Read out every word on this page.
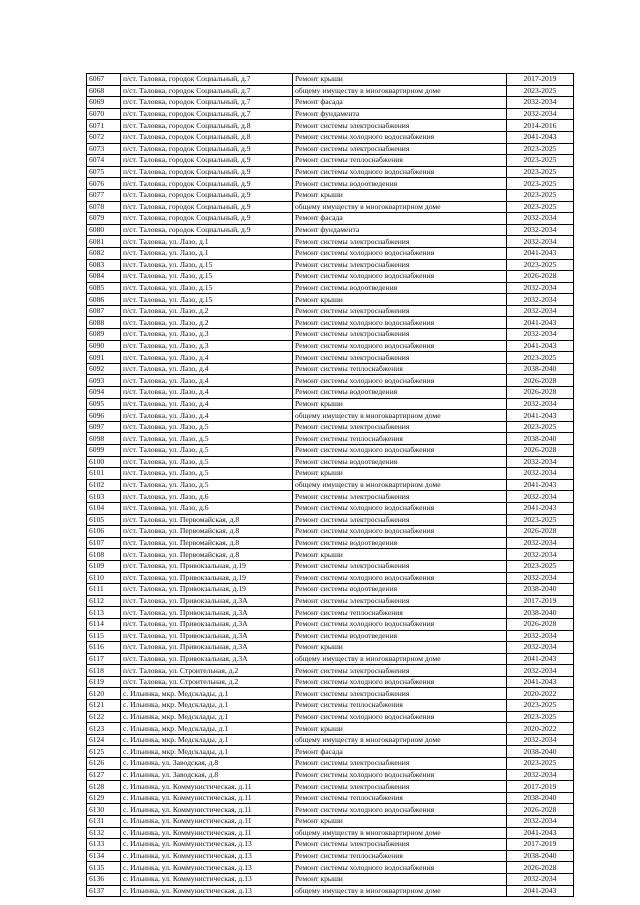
6067	п/ст. Таловка, городок Социальный, д.7	Ремонт крыши	2017-2019
6068	п/ст. Таловка, городок Социальный, д.7	общему имуществу в многоквартирном доме	2023-2025
6069	п/ст. Таловка, городок Социальный, д.7	Ремонт фасада	2032-2034
6070	п/ст. Таловка, городок Социальный, д.7	Ремонт фундамента	2032-2034
6071	п/ст. Таловка, городок Социальный, д.8	Ремонт системы электроснабжения	2014-2016
6072	п/ст. Таловка, городок Социальный, д.8	Ремонт системы холодного водоснабжения	2041-2043
6073	п/ст. Таловка, городок Социальный, д.9	Ремонт системы электроснабжения	2023-2025
6074	п/ст. Таловка, городок Социальный, д.9	Ремонт системы теплоснабжения	2023-2025
6075	п/ст. Таловка, городок Социальный, д.9	Ремонт системы холодного водоснабжения	2023-2025
6076	п/ст. Таловка, городок Социальный, д.9	Ремонт системы водоотведения	2023-2025
6077	п/ст. Таловка, городок Социальный, д.9	Ремонт крыши	2023-2025
6078	п/ст. Таловка, городок Социальный, д.9	общему имуществу в многоквартирном доме	2023-2025
6079	п/ст. Таловка, городок Социальный, д.9	Ремонт фасада	2032-2034
6080	п/ст. Таловка, городок Социальный, д.9	Ремонт фундамента	2032-2034
6081	п/ст. Таловка, ул. Лазо, д.1	Ремонт системы электроснабжения	2032-2034
6082	п/ст. Таловка, ул. Лазо, д.1	Ремонт системы холодного водоснабжения	2041-2043
6083	п/ст. Таловка, ул. Лазо, д.15	Ремонт системы электроснабжения	2023-2025
6084	п/ст. Таловка, ул. Лазо, д.15	Ремонт системы холодного водоснабжения	2026-2028
6085	п/ст. Таловка, ул. Лазо, д.15	Ремонт системы водоотведения	2032-2034
6086	п/ст. Таловка, ул. Лазо, д.15	Ремонт крыши	2032-2034
6087	п/ст. Таловка, ул. Лазо, д.2	Ремонт системы электроснабжения	2032-2034
6088	п/ст. Таловка, ул. Лазо, д.2	Ремонт системы холодного водоснабжения	2041-2043
6089	п/ст. Таловка, ул. Лазо, д.3	Ремонт системы электроснабжения	2032-2034
6090	п/ст. Таловка, ул. Лазо, д.3	Ремонт системы холодного водоснабжения	2041-2043
6091	п/ст. Таловка, ул. Лазо, д.4	Ремонт системы электроснабжения	2023-2025
6092	п/ст. Таловка, ул. Лазо, д.4	Ремонт системы теплоснабжения	2038-2040
6093	п/ст. Таловка, ул. Лазо, д.4	Ремонт системы холодного водоснабжения	2026-2028
6094	п/ст. Таловка, ул. Лазо, д.4	Ремонт системы водоотведения	2026-2028
6095	п/ст. Таловка, ул. Лазо, д.4	Ремонт крыши	2032-2034
6096	п/ст. Таловка, ул. Лазо, д.4	общему имуществу в многоквартирном доме	2041-2043
6097	п/ст. Таловка, ул. Лазо, д.5	Ремонт системы электроснабжения	2023-2025
6098	п/ст. Таловка, ул. Лазо, д.5	Ремонт системы теплоснабжения	2038-2040
6099	п/ст. Таловка, ул. Лазо, д.5	Ремонт системы холодного водоснабжения	2026-2028
6100	п/ст. Таловка, ул. Лазо, д.5	Ремонт системы водоотведения	2032-2034
6101	п/ст. Таловка, ул. Лазо, д.5	Ремонт крыши	2032-2034
6102	п/ст. Таловка, ул. Лазо, д.5	общему имуществу в многоквартирном доме	2041-2043
6103	п/ст. Таловка, ул. Лазо, д.6	Ремонт системы электроснабжения	2032-2034
6104	п/ст. Таловка, ул. Лазо, д.6	Ремонт системы холодного водоснабжения	2041-2043
6105	п/ст. Таловка, ул. Первомайская, д.8	Ремонт системы электроснабжения	2023-2025
6106	п/ст. Таловка, ул. Первомайская, д.8	Ремонт системы холодного водоснабжения	2026-2028
6107	п/ст. Таловка, ул. Первомайская, д.8	Ремонт системы водоотведения	2032-2034
6108	п/ст. Таловка, ул. Первомайская, д.8	Ремонт крыши	2032-2034
6109	п/ст. Таловка, ул. Привокзальная, д.19	Ремонт системы электроснабжения	2023-2025
6110	п/ст. Таловка, ул. Привокзальная, д.19	Ремонт системы холодного водоснабжения	2032-2034
6111	п/ст. Таловка, ул. Привокзальная, д.19	Ремонт системы водоотведения	2038-2040
6112	п/ст. Таловка, ул. Привокзальная, д.3А	Ремонт системы электроснабжения	2017-2019
6113	п/ст. Таловка, ул. Привокзальная, д.3А	Ремонт системы теплоснабжения	2038-2040
6114	п/ст. Таловка, ул. Привокзальная, д.3А	Ремонт системы холодного водоснабжения	2026-2028
6115	п/ст. Таловка, ул. Привокзальная, д.3А	Ремонт системы водоотведения	2032-2034
6116	п/ст. Таловка, ул. Привокзальная, д.3А	Ремонт крыши	2032-2034
6117	п/ст. Таловка, ул. Привокзальная, д.3А	общему имуществу в многоквартирном доме	2041-2043
6118	п/ст. Таловка, ул. Строительная, д.2	Ремонт системы электроснабжения	2032-2034
6119	п/ст. Таловка, ул. Строительная, д.2	Ремонт системы холодного водоснабжения	2041-2043
6120	с. Ильинка, мкр. Медсклады, д.1	Ремонт системы электроснабжения	2020-2022
6121	с. Ильинка, мкр. Медсклады, д.1	Ремонт системы теплоснабжения	2023-2025
6122	с. Ильинка, мкр. Медсклады, д.1	Ремонт системы холодного водоснабжения	2023-2025
6123	с. Ильинка, мкр. Медсклады, д.1	Ремонт крыши	2020-2022
6124	с. Ильинка, мкр. Медсклады, д.1	общему имуществу в многоквартирном доме	2032-2034
6125	с. Ильинка, мкр. Медсклады, д.1	Ремонт фасада	2038-2040
6126	с. Ильинка, ул. Заводская, д.8	Ремонт системы электроснабжения	2023-2025
6127	с. Ильинка, ул. Заводская, д.8	Ремонт системы холодного водоснабжения	2032-2034
6128	с. Ильинка, ул. Коммунистическая, д.11	Ремонт системы электроснабжения	2017-2019
6129	с. Ильинка, ул. Коммунистическая, д.11	Ремонт системы теплоснабжения	2038-2040
6130	с. Ильинка, ул. Коммунистическая, д.11	Ремонт системы холодного водоснабжения	2026-2028
6131	с. Ильинка, ул. Коммунистическая, д.11	Ремонт крыши	2032-2034
6132	с. Ильинка, ул. Коммунистическая, д.11	общему имуществу в многоквартирном доме	2041-2043
6133	с. Ильинка, ул. Коммунистическая, д.13	Ремонт системы электроснабжения	2017-2019
6134	с. Ильинка, ул. Коммунистическая, д.13	Ремонт системы теплоснабжения	2038-2040
6135	с. Ильинка, ул. Коммунистическая, д.13	Ремонт системы холодного водоснабжения	2026-2028
6136	с. Ильинка, ул. Коммунистическая, д.13	Ремонт крыши	2032-2034
6137	с. Ильинка, ул. Коммунистическая, д.13	общему имуществу в многоквартирном доме	2041-2043
